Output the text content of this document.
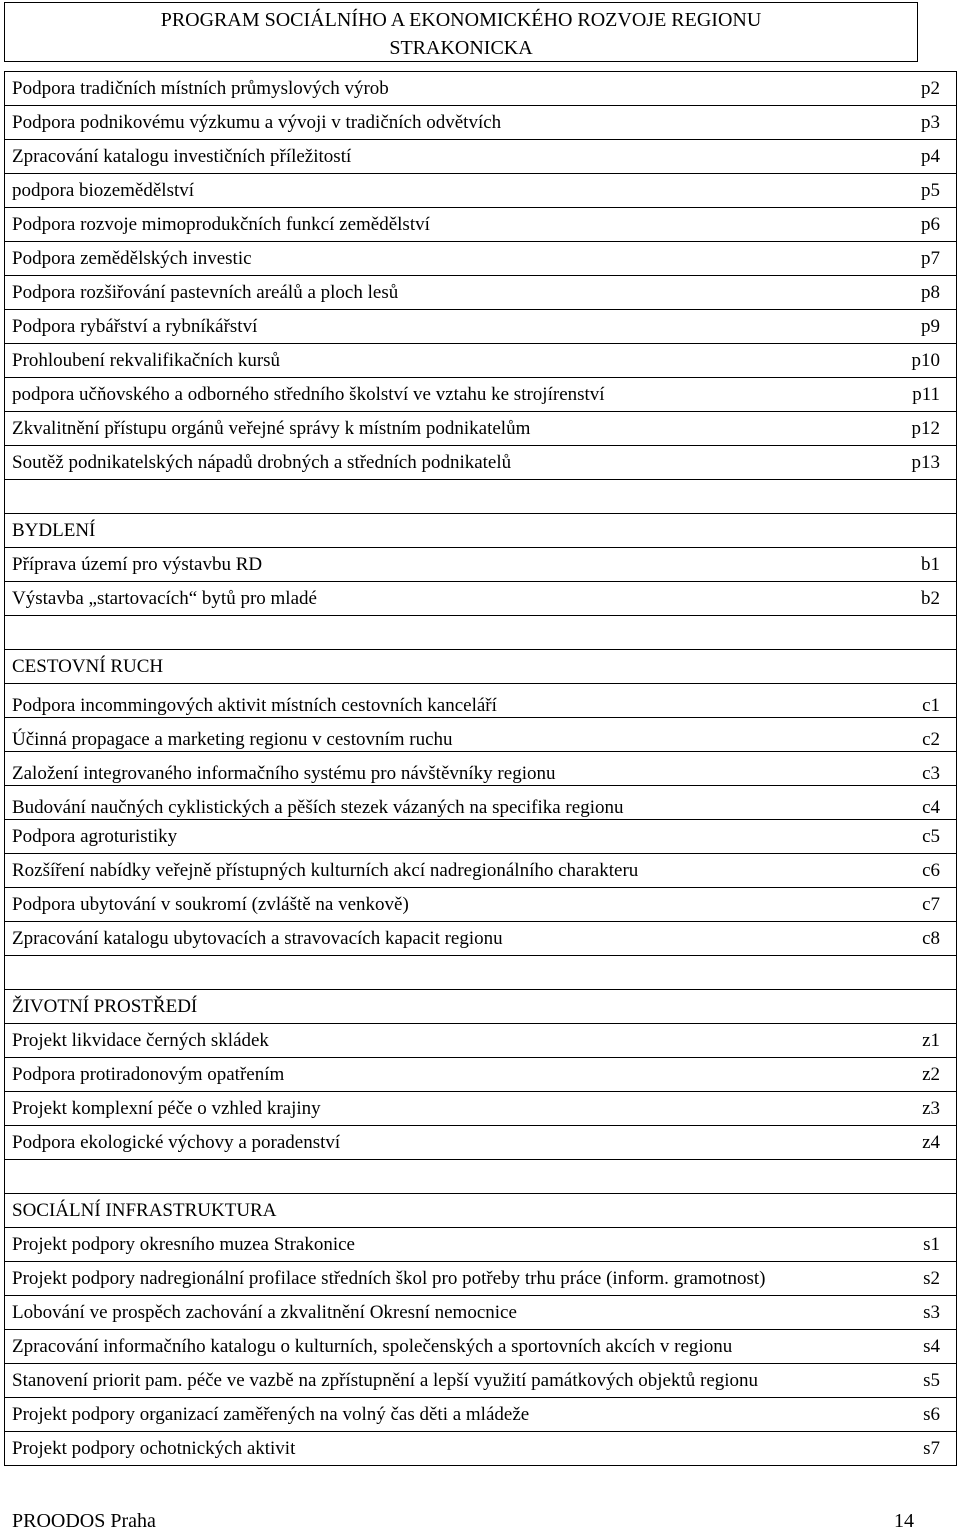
PROGRAM SOCIÁLNÍHO A EKONOMICKÉHO ROZVOJE REGIONU
STRAKONICKA
Podpora tradičních místních průmyslových výrob	p2
Podpora podnikovému výzkumu a vývoji v tradičních odvětvích	p3
Zpracování katalogu investičních příležitostí	p4
podpora biozemědělství	p5
Podpora rozvoje mimoprodukčních funkcí zemědělství	p6
Podpora zemědělských investic	p7
Podpora rozšiřování pastevních areálů a ploch lesů	p8
Podpora rybářství a rybníkářství	p9
Prohloubení rekvalifikačních kursů	p10
podpora učňovského a odborného středního školství ve vztahu ke strojírenství	p11
Zkvalitnění přístupu orgánů veřejné správy k místním podnikatelům	p12
Soutěž podnikatelských nápadů drobných a středních podnikatelů	p13
BYDLENÍ
Příprava území pro výstavbu RD	b1
Výstavba „startovacích“ bytů pro mladé	b2
CESTOVNÍ RUCH
Podpora incommingových aktivit místních cestovních kanceláří	c1
Účinná propagace a marketing regionu v cestovním ruchu	c2
Založení integrovaného informačního systému pro návštěvníky regionu	c3
Budování naučných cyklistických a pěších stezek vázaných na specifika regionu	c4
Podpora agroturistiky	c5
Rozšíření nabídky veřejně přístupných kulturních akcí nadregionálního charakteru	c6
Podpora ubytování v soukromí (zvláště na venkově)	c7
Zpracování katalogu ubytovacích a stravovacích kapacit regionu	c8
ŽIVOTNÍ PROSTŘEDÍ
Projekt likvidace černých skládek	z1
Podpora protiradonovým opatřením	z2
Projekt komplexní péče o vzhled krajiny	z3
Podpora ekologické výchovy a poradenství	z4
SOCIÁLNÍ INFRASTRUKTURA
Projekt podpory okresního muzea Strakonice	s1
Projekt podpory nadregionální profilace středních škol pro potřeby trhu práce (inform. gramotnost)	s2
Lobování ve prospěch zachování a zkvalitnění Okresní nemocnice	s3
Zpracování informačního katalogu o kulturních, společenských a sportovních akcích v regionu	s4
Stanovení priorit pam. péče ve vazbě na zpřístupnění a lepší využití památkových objektů regionu	s5
Projekt podpory organizací zaměřených na volný čas děti a mládeže	s6
Projekt podpory ochotnických aktivit	s7
PROODOS Praha	14
